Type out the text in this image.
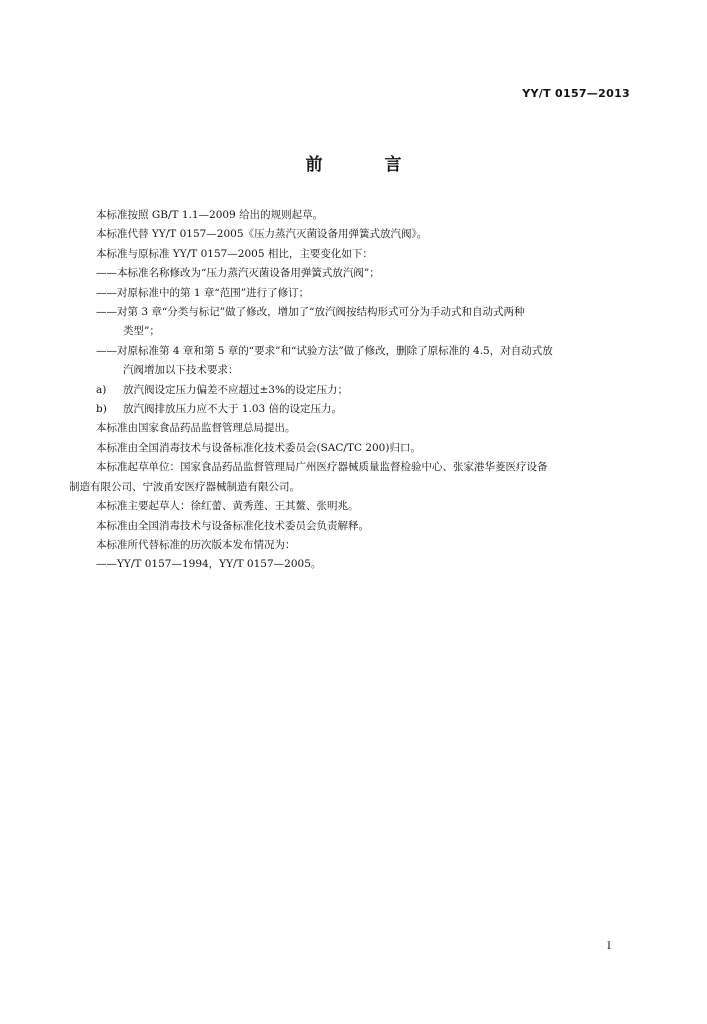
YY/T 0157—2013
前 言

本标准按照 GB/T 1.1—2009 给出的规则起草。

本标准代替 YY/T 0157—2005《压力蒸汽灭菌设备用弹簧式放汽阀》。

本标准与原标准 YY/T 0157—2005 相比，主要变化如下：

——本标准名称修改为“压力蒸汽灭菌设备用弹簧式放汽阀”；

——对原标准中的第 1 章“范围”进行了修订；

——对第 3 章“分类与标记”做了修改，增加了“放汽阀按结构形式可分为手动式和自动式两种

类型”；

——对原标准第 4 章和第 5 章的“要求”和“试验方法”做了修改，删除了原标准的 4.5，对自动式放

汽阀增加以下技术要求：

a) 放汽阀设定压力偏差不应超过±3%的设定压力；

b) 放汽阀排放压力应不大于 1.03 倍的设定压力。

本标准由国家食品药品监督管理总局提出。

本标准由全国消毒技术与设备标准化技术委员会(SAC/TC 200)归口。

本标准起草单位：国家食品药品监督管理局广州医疗器械质量监督检验中心、张家港华菱医疗设备

制造有限公司、宁波甬安医疗器械制造有限公司。

本标准主要起草人：徐红蕾、黄秀莲、王其鳌、张明兆。

本标准由全国消毒技术与设备标准化技术委员会负责解释。

本标准所代替标准的历次版本发布情况为：

——YY/T 0157—1994，YY/T 0157—2005。

I
